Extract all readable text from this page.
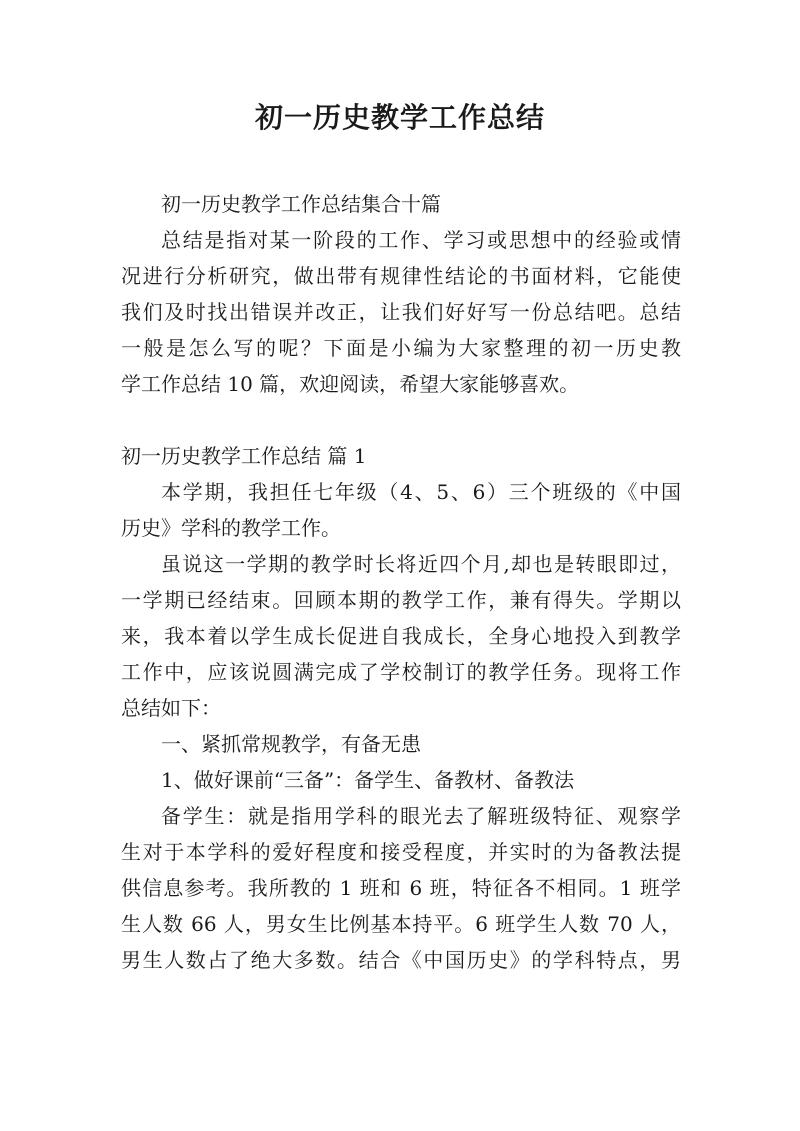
初一历史教学工作总结
初一历史教学工作总结集合十篇
总结是指对某一阶段的工作、学习或思想中的经验或情
况进行分析研究，做出带有规律性结论的书面材料，它能使
我们及时找出错误并改正，让我们好好写一份总结吧。总结
一般是怎么写的呢？下面是小编为大家整理的初一历史教
学工作总结 10 篇，欢迎阅读，希望大家能够喜欢。
初一历史教学工作总结 篇 1
本学期，我担任七年级（4、5、6）三个班级的《中国
历史》学科的教学工作。
虽说这一学期的教学时长将近四个月,却也是转眼即过，
一学期已经结束。回顾本期的教学工作，兼有得失。学期以
来，我本着以学生成长促进自我成长，全身心地投入到教学
工作中，应该说圆满完成了学校制订的教学任务。现将工作
总结如下：
一、紧抓常规教学，有备无患
1、做好课前“三备”：备学生、备教材、备教法
备学生：就是指用学科的眼光去了解班级特征、观察学
生对于本学科的爱好程度和接受程度，并实时的为备教法提
供信息参考。我所教的 1 班和 6 班，特征各不相同。1 班学
生人数 66 人，男女生比例基本持平。6 班学生人数 70 人，
男生人数占了绝大多数。结合《中国历史》的学科特点，男
